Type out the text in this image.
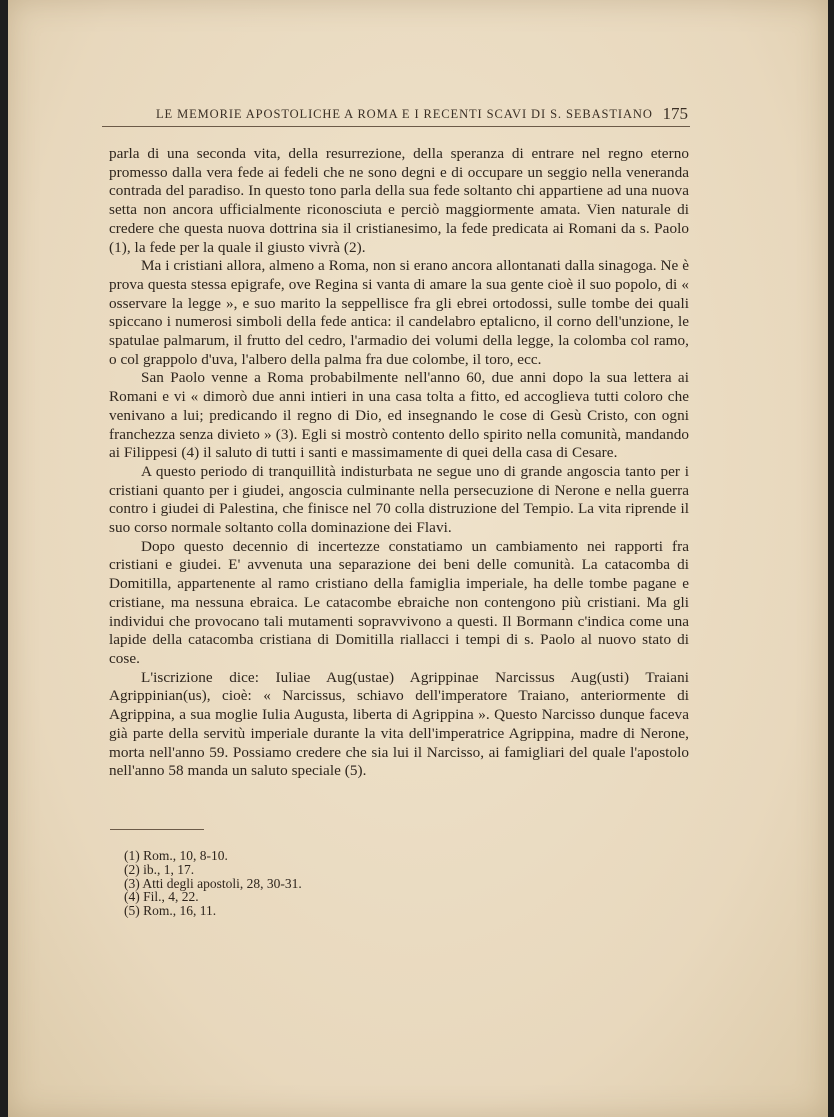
LE MEMORIE APOSTOLICHE A ROMA E I RECENTI SCAVI DI S. SEBASTIANO 175

parla di una seconda vita, della resurrezione, della speranza di entrare nel regno eterno promesso dalla vera fede ai fedeli che ne sono degni e di occupare un seggio nella veneranda contrada del paradiso. In questo tono parla della sua fede soltanto chi appartiene ad una nuova setta non ancora ufficialmente riconosciuta e perciò maggiormente amata. Vien naturale di credere che questa nuova dottrina sia il cristianesimo, la fede predicata ai Romani da s. Paolo (1), la fede per la quale il giusto vivrà (2).

Ma i cristiani allora, almeno a Roma, non si erano ancora allontanati dalla sinagoga. Ne è prova questa stessa epigrafe, ove Regina si vanta di amare la sua gente cioè il suo popolo, di « osservare la legge », e suo marito la seppellisce fra gli ebrei ortodossi, sulle tombe dei quali spiccano i numerosi simboli della fede antica: il candelabro eptalicno, il corno dell'unzione, le spatulae palmarum, il frutto del cedro, l'armadio dei volumi della legge, la colomba col ramo, o col grappolo d'uva, l'albero della palma fra due colombe, il toro, ecc.

San Paolo venne a Roma probabilmente nell'anno 60, due anni dopo la sua lettera ai Romani e vi « dimorò due anni intieri in una casa tolta a fitto, ed accoglieva tutti coloro che venivano a lui; predicando il regno di Dio, ed insegnando le cose di Gesù Cristo, con ogni franchezza senza divieto » (3). Egli si mostrò contento dello spirito nella comunità, mandando ai Filippesi (4) il saluto di tutti i santi e massimamente di quei della casa di Cesare.

A questo periodo di tranquillità indisturbata ne segue uno di grande angoscia tanto per i cristiani quanto per i giudei, angoscia culminante nella persecuzione di Nerone e nella guerra contro i giudei di Palestina, che finisce nel 70 colla distruzione del Tempio. La vita riprende il suo corso normale soltanto colla dominazione dei Flavi.

Dopo questo decennio di incertezze constatiamo un cambiamento nei rapporti fra cristiani e giudei. E' avvenuta una separazione dei beni delle comunità. La catacomba di Domitilla, appartenente al ramo cristiano della famiglia imperiale, ha delle tombe pagane e cristiane, ma nessuna ebraica. Le catacombe ebraiche non contengono più cristiani. Ma gli individui che provocano tali mutamenti sopravvivono a questi. Il Bormann c'indica come una lapide della catacomba cristiana di Domitilla riallacci i tempi di s. Paolo al nuovo stato di cose.

L'iscrizione dice: Iuliae Aug(ustae) Agrippinae Narcissus Aug(usti) Traiani Agrippinian(us), cioè: « Narcissus, schiavo dell'imperatore Traiano, anteriormente di Agrippina, a sua moglie Iulia Augusta, liberta di Agrippina ». Questo Narcisso dunque faceva già parte della servitù imperiale durante la vita dell'imperatrice Agrippina, madre di Nerone, morta nell'anno 59. Possiamo credere che sia lui il Narcisso, ai famigliari del quale l'apostolo nell'anno 58 manda un saluto speciale (5).

(1) Rom., 10, 8-10.
(2) ib., 1, 17.
(3) Atti degli apostoli, 28, 30-31.
(4) Fil., 4, 22.
(5) Rom., 16, 11.
